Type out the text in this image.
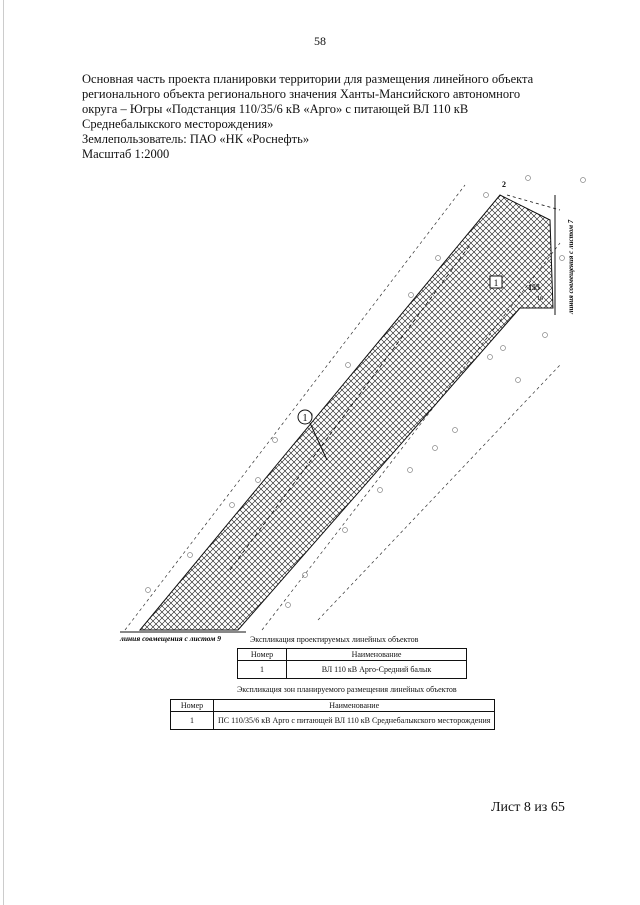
58
Основная часть проекта планировки территории для размещения линейного объекта
регионального объекта регионального значения Ханты-Мансийского автономного
округа – Югры «Подстанция 110/35/6 кВ «Арго» с питающей ВЛ 110 кВ
Среднебалыкского месторождения»
Землепользователь: ПАО «НК «Роснефть»
Масштаб 1:2000
1
1
2
155
16	линия совмещения с листом 7
линия совмещения с листом 9	Экспликация проектируемых линейных объектов
Номер	Наименование
1	ВЛ 110 кВ Арго-Средний балык
Экспликация зон планируемого размещения линейных объектов
Номер	Наименование
1	ПС 110/35/6 кВ Арго с питающей ВЛ 110 кВ Среднебалыкского месторождения
Лист 8 из 65
